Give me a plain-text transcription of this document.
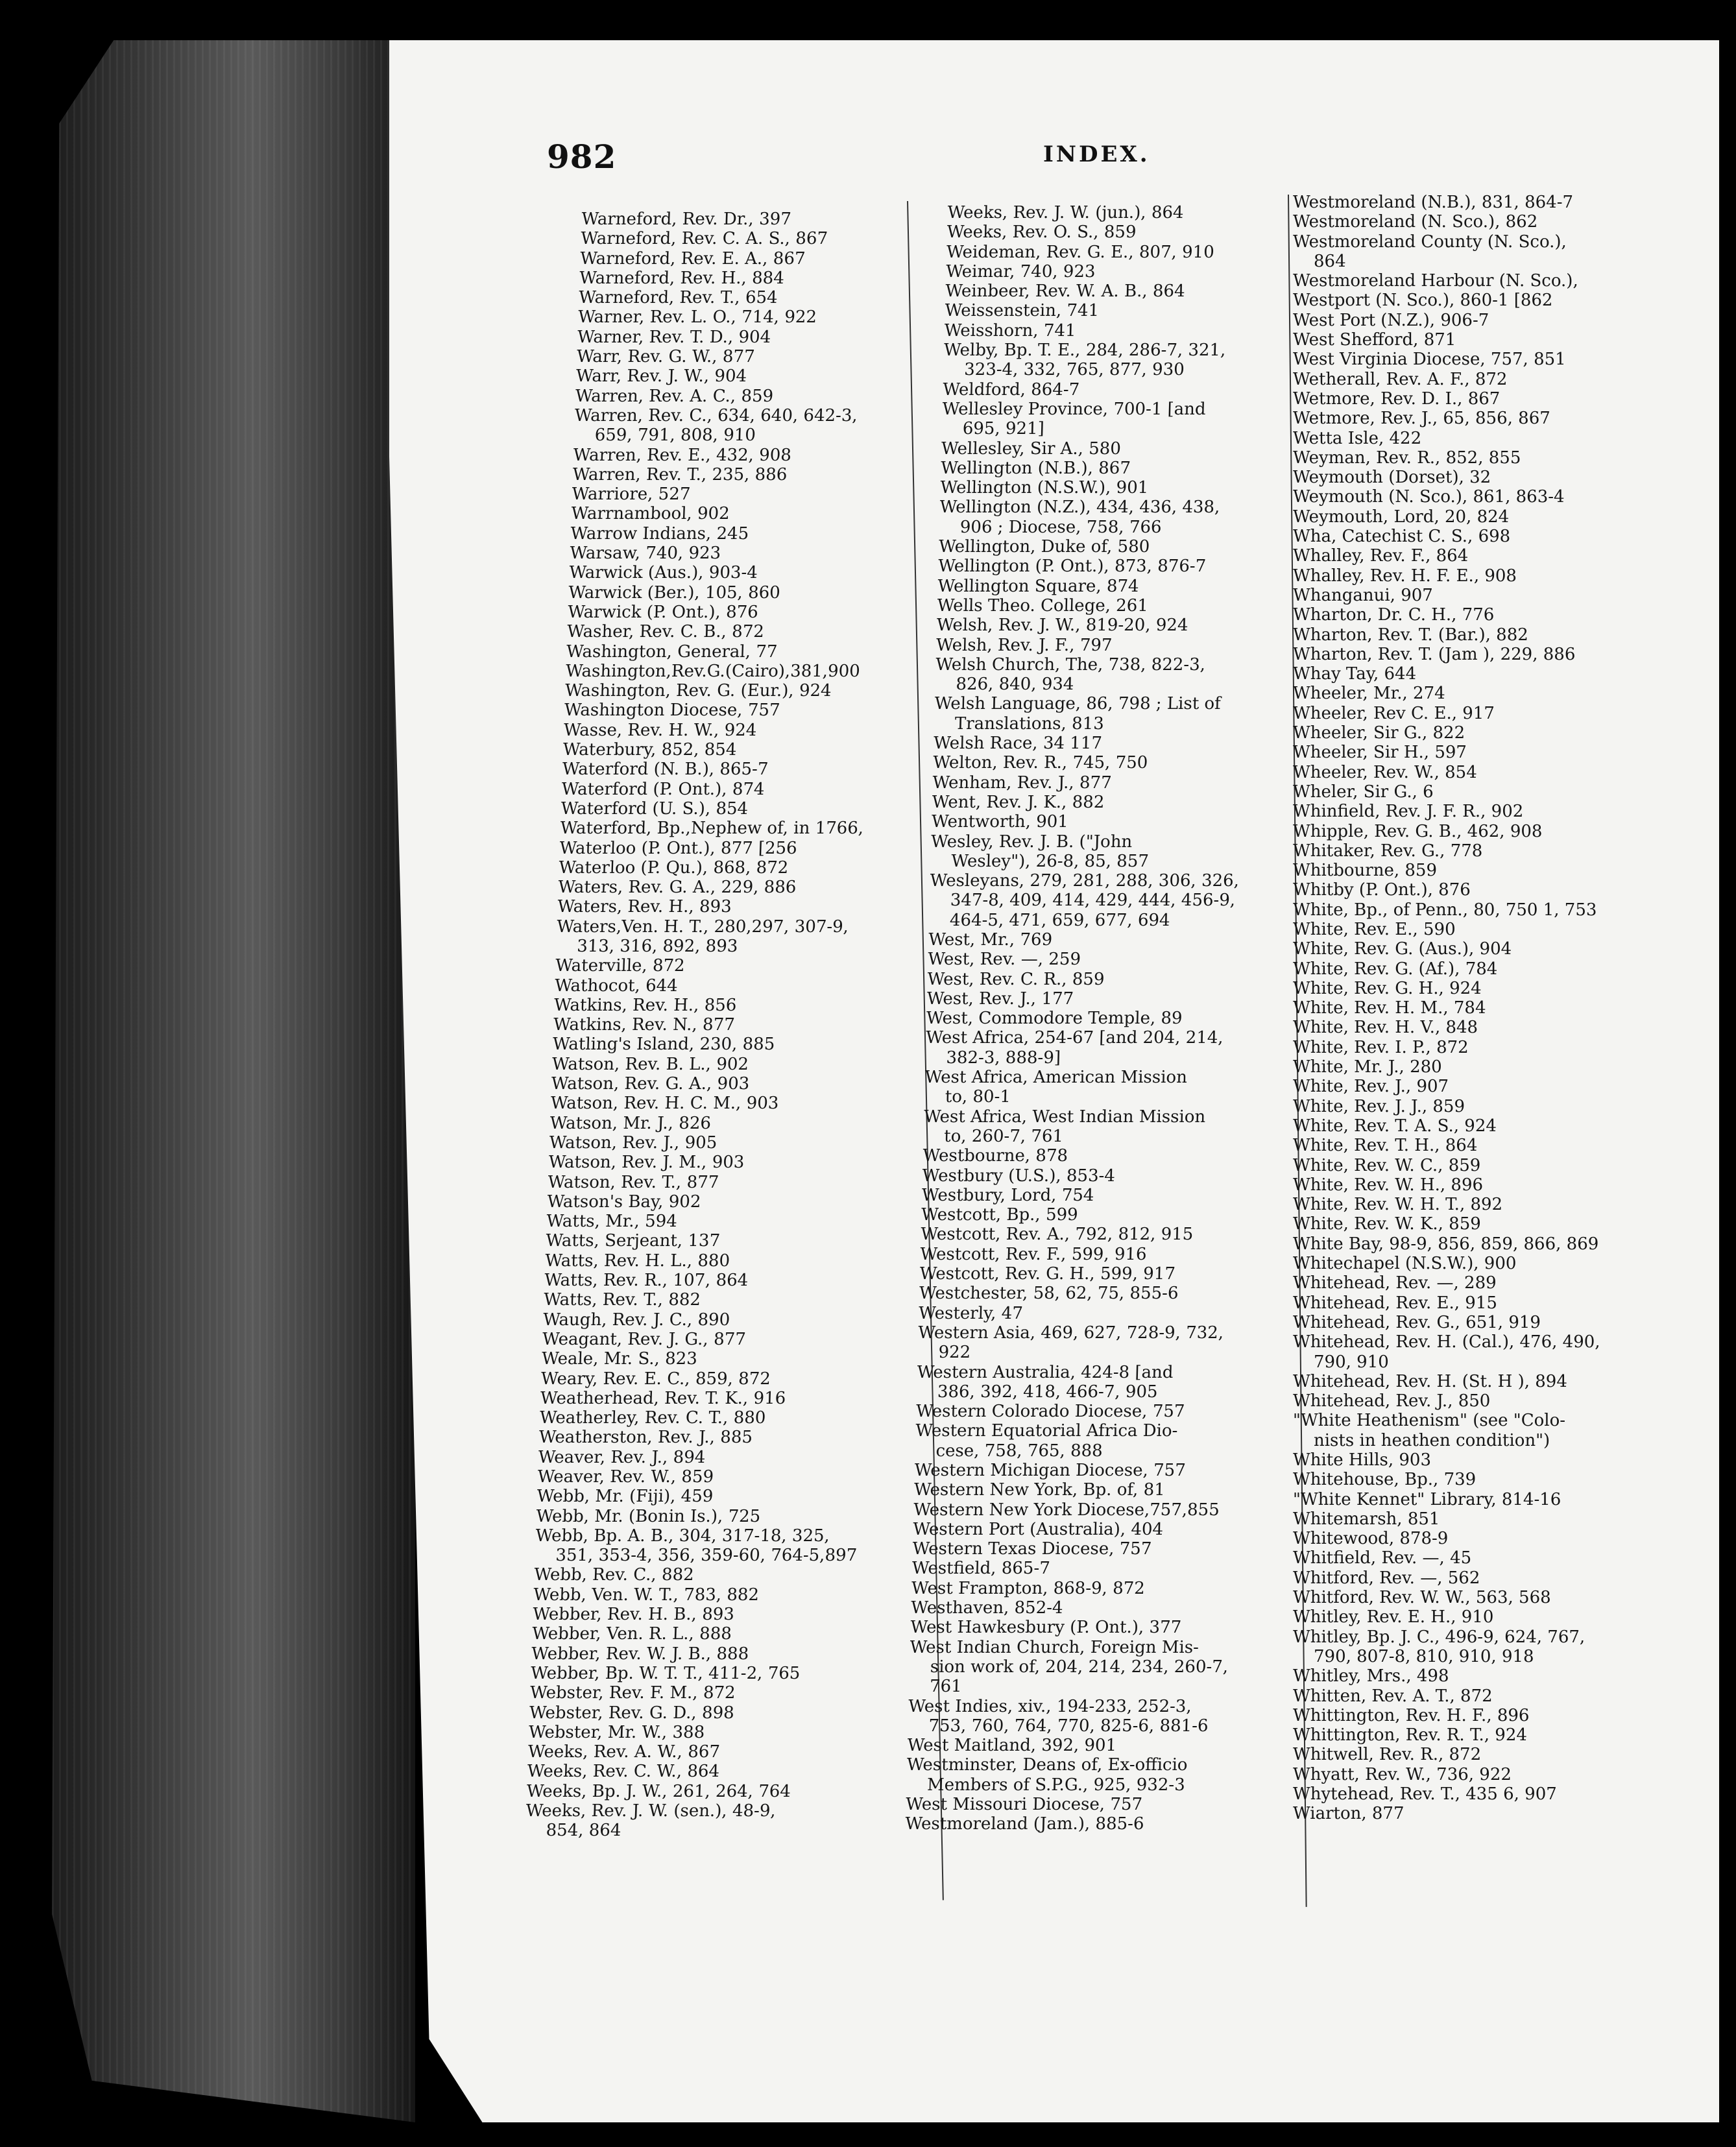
982	INDEX.
Warneford, Rev. Dr., 397
Warneford, Rev. C. A. S., 867
Warneford, Rev. E. A., 867
Warneford, Rev. H., 884
Warneford, Rev. T., 654
Warner, Rev. L. O., 714, 922
Warner, Rev. T. D., 904
Warr, Rev. G. W., 877
Warr, Rev. J. W., 904
Warren, Rev. A. C., 859
Warren, Rev. C., 634, 640, 642-3,
659, 791, 808, 910
Warren, Rev. E., 432, 908
Warren, Rev. T., 235, 886
Warriore, 527
Warrnambool, 902
Warrow Indians, 245
Warsaw, 740, 923
Warwick (Aus.), 903-4
Warwick (Ber.), 105, 860
Warwick (P. Ont.), 876
Washer, Rev. C. B., 872
Washington, General, 77
Washington,Rev.G.(Cairo),381,900
Washington, Rev. G. (Eur.), 924
Washington Diocese, 757
Wasse, Rev. H. W., 924
Waterbury, 852, 854
Waterford (N. B.), 865-7
Waterford (P. Ont.), 874
Waterford (U. S.), 854
Waterford, Bp.,Nephew of, in 1766,
Waterloo (P. Ont.), 877 [256
Waterloo (P. Qu.), 868, 872
Waters, Rev. G. A., 229, 886
Waters, Rev. H., 893
Waters,Ven. H. T., 280,297, 307-9,
313, 316, 892, 893
Waterville, 872
Wathocot, 644
Watkins, Rev. H., 856
Watkins, Rev. N., 877
Watling's Island, 230, 885
Watson, Rev. B. L., 902
Watson, Rev. G. A., 903
Watson, Rev. H. C. M., 903
Watson, Mr. J., 826
Watson, Rev. J., 905
Watson, Rev. J. M., 903
Watson, Rev. T., 877
Watson's Bay, 902
Watts, Mr., 594
Watts, Serjeant, 137
Watts, Rev. H. L., 880
Watts, Rev. R., 107, 864
Watts, Rev. T., 882
Waugh, Rev. J. C., 890
Weagant, Rev. J. G., 877
Weale, Mr. S., 823
Weary, Rev. E. C., 859, 872
Weatherhead, Rev. T. K., 916
Weatherley, Rev. C. T., 880
Weatherston, Rev. J., 885
Weaver, Rev. J., 894
Weaver, Rev. W., 859
Webb, Mr. (Fiji), 459
Webb, Mr. (Bonin Is.), 725
Webb, Bp. A. B., 304, 317-18, 325,
351, 353-4, 356, 359-60, 764-5,897
Webb, Rev. C., 882
Webb, Ven. W. T., 783, 882
Webber, Rev. H. B., 893
Webber, Ven. R. L., 888
Webber, Rev. W. J. B., 888
Webber, Bp. W. T. T., 411-2, 765
Webster, Rev. F. M., 872
Webster, Rev. G. D., 898
Webster, Mr. W., 388
Weeks, Rev. A. W., 867
Weeks, Rev. C. W., 864
Weeks, Bp. J. W., 261, 264, 764
Weeks, Rev. J. W. (sen.), 48-9,
854, 864
Weeks, Rev. J. W. (jun.), 864
Weeks, Rev. O. S., 859
Weideman, Rev. G. E., 807, 910
Weimar, 740, 923
Weinbeer, Rev. W. A. B., 864
Weissenstein, 741
Weisshorn, 741
Welby, Bp. T. E., 284, 286-7, 321,
323-4, 332, 765, 877, 930
Weldford, 864-7
Wellesley Province, 700-1 [and
695, 921]
Wellesley, Sir A., 580
Wellington (N.B.), 867
Wellington (N.S.W.), 901
Wellington (N.Z.), 434, 436, 438,
906 ; Diocese, 758, 766
Wellington, Duke of, 580
Wellington (P. Ont.), 873, 876-7
Wellington Square, 874
Wells Theo. College, 261
Welsh, Rev. J. W., 819-20, 924
Welsh, Rev. J. F., 797
Welsh Church, The, 738, 822-3,
826, 840, 934
Welsh Language, 86, 798 ; List of
Translations, 813
Welsh Race, 34 117
Welton, Rev. R., 745, 750
Wenham, Rev. J., 877
Went, Rev. J. K., 882
Wentworth, 901
Wesley, Rev. J. B. ("John
Wesley"), 26-8, 85, 857
Wesleyans, 279, 281, 288, 306, 326,
347-8, 409, 414, 429, 444, 456-9,
464-5, 471, 659, 677, 694
West, Mr., 769
West, Rev. —, 259
West, Rev. C. R., 859
West, Rev. J., 177
West, Commodore Temple, 89
West Africa, 254-67 [and 204, 214,
382-3, 888-9]
West Africa, American Mission
to, 80-1
West Africa, West Indian Mission
to, 260-7, 761
Westbourne, 878
Westbury (U.S.), 853-4
Westbury, Lord, 754
Westcott, Bp., 599
Westcott, Rev. A., 792, 812, 915
Westcott, Rev. F., 599, 916
Westcott, Rev. G. H., 599, 917
Westchester, 58, 62, 75, 855-6
Westerly, 47
Western Asia, 469, 627, 728-9, 732,
922
Western Australia, 424-8 [and
386, 392, 418, 466-7, 905
Western Colorado Diocese, 757
Western Equatorial Africa Dio-
cese, 758, 765, 888
Western Michigan Diocese, 757
Western New York, Bp. of, 81
Western New York Diocese,757,855
Western Port (Australia), 404
Western Texas Diocese, 757
Westfield, 865-7
West Frampton, 868-9, 872
Westhaven, 852-4
West Hawkesbury (P. Ont.), 377
West Indian Church, Foreign Mis-
sion work of, 204, 214, 234, 260-7,
761
West Indies, xiv., 194-233, 252-3,
753, 760, 764, 770, 825-6, 881-6
West Maitland, 392, 901
Westminster, Deans of, Ex-officio
Members of S.P.G., 925, 932-3
West Missouri Diocese, 757
Westmoreland (Jam.), 885-6
Westmoreland (N.B.), 831, 864-7
Westmoreland (N. Sco.), 862
Westmoreland County (N. Sco.),
864
Westmoreland Harbour (N. Sco.),
Westport (N. Sco.), 860-1 [862
West Port (N.Z.), 906-7
West Shefford, 871
West Virginia Diocese, 757, 851
Wetherall, Rev. A. F., 872
Wetmore, Rev. D. I., 867
Wetmore, Rev. J., 65, 856, 867
Wetta Isle, 422
Weyman, Rev. R., 852, 855
Weymouth (Dorset), 32
Weymouth (N. Sco.), 861, 863-4
Weymouth, Lord, 20, 824
Wha, Catechist C. S., 698
Whalley, Rev. F., 864
Whalley, Rev. H. F. E., 908
Whanganui, 907
Wharton, Dr. C. H., 776
Wharton, Rev. T. (Bar.), 882
Wharton, Rev. T. (Jam ), 229, 886
Whay Tay, 644
Wheeler, Mr., 274
Wheeler, Rev C. E., 917
Wheeler, Sir G., 822
Wheeler, Sir H., 597
Wheeler, Rev. W., 854
Wheler, Sir G., 6
Whinfield, Rev. J. F. R., 902
Whipple, Rev. G. B., 462, 908
Whitaker, Rev. G., 778
Whitbourne, 859
Whitby (P. Ont.), 876
White, Bp., of Penn., 80, 750 1, 753
White, Rev. E., 590
White, Rev. G. (Aus.), 904
White, Rev. G. (Af.), 784
White, Rev. G. H., 924
White, Rev. H. M., 784
White, Rev. H. V., 848
White, Rev. I. P., 872
White, Mr. J., 280
White, Rev. J., 907
White, Rev. J. J., 859
White, Rev. T. A. S., 924
White, Rev. T. H., 864
White, Rev. W. C., 859
White, Rev. W. H., 896
White, Rev. W. H. T., 892
White, Rev. W. K., 859
White Bay, 98-9, 856, 859, 866, 869
Whitechapel (N.S.W.), 900
Whitehead, Rev. —, 289
Whitehead, Rev. E., 915
Whitehead, Rev. G., 651, 919
Whitehead, Rev. H. (Cal.), 476, 490,
790, 910
Whitehead, Rev. H. (St. H ), 894
Whitehead, Rev. J., 850
"White Heathenism" (see "Colo-
nists in heathen condition")
White Hills, 903
Whitehouse, Bp., 739
"White Kennet" Library, 814-16
Whitemarsh, 851
Whitewood, 878-9
Whitfield, Rev. —, 45
Whitford, Rev. —, 562
Whitford, Rev. W. W., 563, 568
Whitley, Rev. E. H., 910
Whitley, Bp. J. C., 496-9, 624, 767,
790, 807-8, 810, 910, 918
Whitley, Mrs., 498
Whitten, Rev. A. T., 872
Whittington, Rev. H. F., 896
Whittington, Rev. R. T., 924
Whitwell, Rev. R., 872
Whyatt, Rev. W., 736, 922
Whytehead, Rev. T., 435 6, 907
Wiarton, 877
